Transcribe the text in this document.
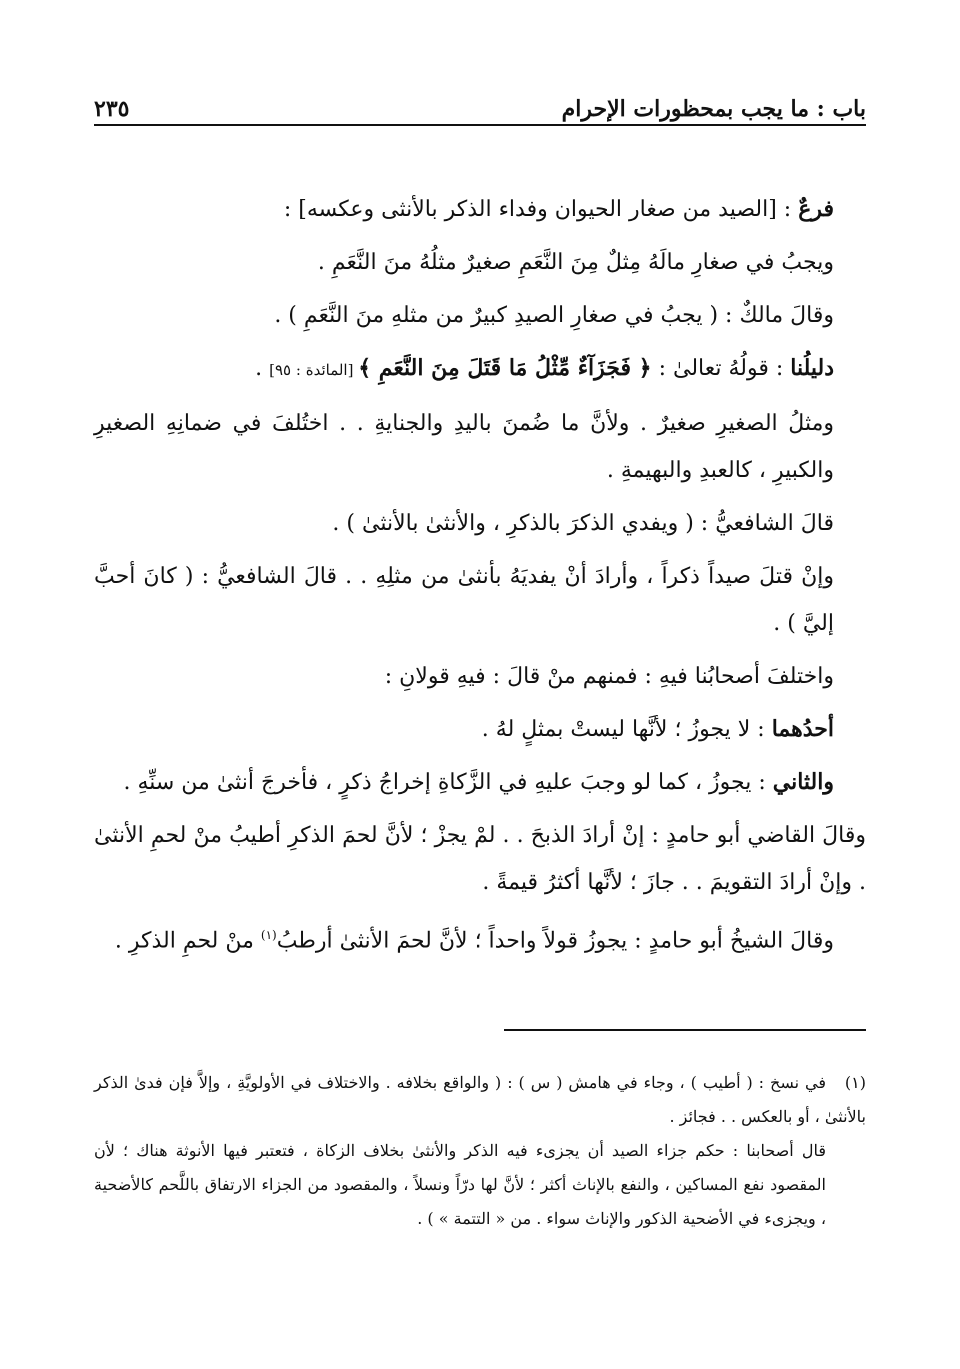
باب : ما يجب بمحظورات الإحرام
٢٣٥

فرعٌ : [الصيد من صغار الحيوان وفداء الذكر بالأنثى وعكسه] :

ويجبُ في صغارِ مالَهُ مِثلٌ مِنَ النَّعَمِ صغيرٌ مثلُهُ منَ النَّعَمِ .

وقالَ مالكٌ : ( يجبُ في صغارِ الصيدِ كبيرٌ من مثلهِ منَ النَّعَمِ ) .

دليلُنا : قولُهُ تعالىٰ : ﴿ فَجَزَآءٌ مِّثْلُ مَا قَتَلَ مِنَ النَّعَمِ ﴾ [المائدة : ٩٥] .

ومثلُ الصغيرِ صغيرٌ . ولأنَّ ما ضُمنَ باليدِ والجنايةِ . . اختُلفَ في ضمانِهِ الصغيرِ والكبيرِ ، كالعبدِ والبهيمةِ .

قالَ الشافعيُّ : ( ويفدي الذكرَ بالذكرِ ، والأنثىٰ بالأنثىٰ ) .

وإنْ قتلَ صيداً ذكراً ، وأرادَ أنْ يفديَهُ بأنثىٰ من مثلِهِ . . قالَ الشافعيُّ : ( كانَ أحبَّ إليَّ ) .

واختلفَ أصحابُنا فيهِ : فمنهم منْ قالَ : فيهِ قولانِ :

أحدُهما : لا يجوزُ ؛ لأنَّها ليستْ بمثلٍ لهُ .

والثاني : يجوزُ ، كما لو وجبَ عليهِ في الزَّكاةِ إخراجُ ذكرٍ ، فأخرجَ أنثىٰ من سنِّهِ .

وقالَ القاضي أبو حامدٍ : إنْ أرادَ الذبحَ . . لمْ يجزْ ؛ لأنَّ لحمَ الذكرِ أطيبُ منْ لحمِ الأنثىٰ . وإنْ أرادَ التقويمَ . . جازَ ؛ لأنَّها أكثرُ قيمةً .

وقالَ الشيخُ أبو حامدٍ : يجوزُ قولاً واحداً ؛ لأنَّ لحمَ الأنثىٰ أرطبُ$^{(١)}$ منْ لحمِ الذكرِ .

(١)في نسخ : ( أطيب ) ، وجاء في هامش ( س ) : ( والواقع بخلافه . والاختلاف في الأولويَّةِ ، وإلاَّ فإن فدىٰ الذكر بالأنثىٰ ، أو بالعكس . . فجائز .

قال أصحابنا : حكم جزاء الصيد أن يجزىء فيه الذكر والأنثىٰ بخلاف الزكاة ، فتعتبر فيها الأنوثة هناك ؛ لأن المقصود نفع المساكين ، والنفع بالإناث أكثر ؛ لأنَّ لها درّاً ونسلاً ، والمقصود من الجزاء الارتفاق باللَّحم كالأضحية ، ويجزىء في الأضحية الذكور والإناث سواء . من « التتمة » ) .
